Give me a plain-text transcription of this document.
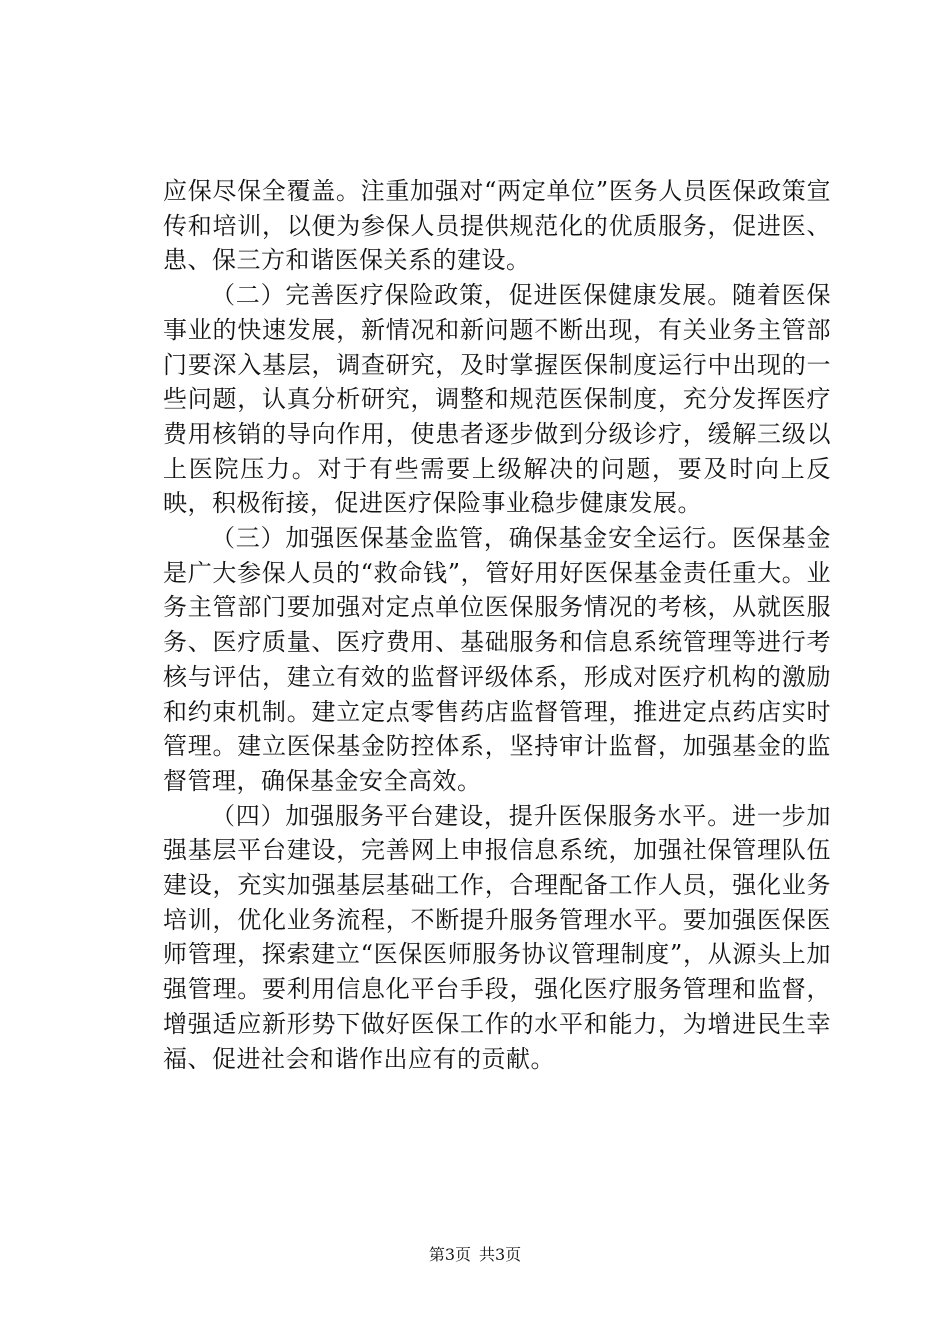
应保尽保全覆盖。注重加强对“两定单位”医务人员医保政策宣传和培训，以便为参保人员提供规范化的优质服务，促进医、患、保三方和谐医保关系的建设。

（二）完善医疗保险政策，促进医保健康发展。随着医保事业的快速发展，新情况和新问题不断出现，有关业务主管部门要深入基层，调查研究，及时掌握医保制度运行中出现的一些问题，认真分析研究，调整和规范医保制度，充分发挥医疗费用核销的导向作用，使患者逐步做到分级诊疗，缓解三级以上医院压力。对于有些需要上级解决的问题，要及时向上反映，积极衔接，促进医疗保险事业稳步健康发展。

（三）加强医保基金监管，确保基金安全运行。医保基金是广大参保人员的“救命钱”，管好用好医保基金责任重大。业务主管部门要加强对定点单位医保服务情况的考核，从就医服务、医疗质量、医疗费用、基础服务和信息系统管理等进行考核与评估，建立有效的监督评级体系，形成对医疗机构的激励和约束机制。建立定点零售药店监督管理，推进定点药店实时管理。建立医保基金防控体系，坚持审计监督，加强基金的监督管理，确保基金安全高效。

（四）加强服务平台建设，提升医保服务水平。进一步加强基层平台建设，完善网上申报信息系统，加强社保管理队伍建设，充实加强基层基础工作，合理配备工作人员，强化业务培训，优化业务流程，不断提升服务管理水平。要加强医保医师管理，探索建立“医保医师服务协议管理制度”，从源头上加强管理。要利用信息化平台手段，强化医疗服务管理和监督，增强适应新形势下做好医保工作的水平和能力，为增进民生幸福、促进社会和谐作出应有的贡献。

第3页 共3页
